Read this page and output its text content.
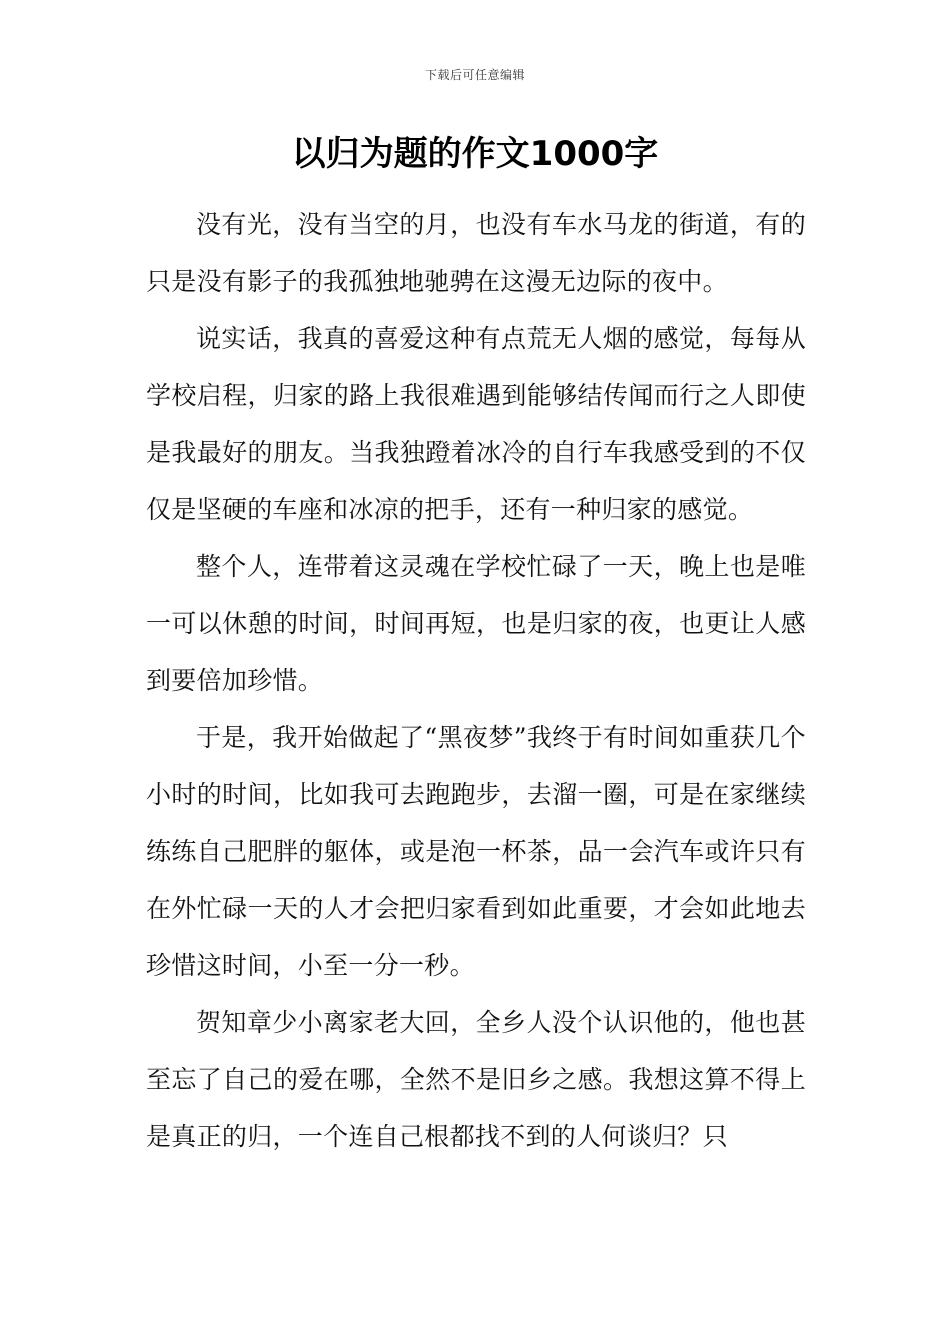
下载后可任意编辑
以归为题的作文1000字

没有光，没有当空的月，也没有车水马龙的街道，有的只是没有影子的我孤独地驰骋在这漫无边际的夜中。

说实话，我真的喜爱这种有点荒无人烟的感觉，每每从学校启程，归家的路上我很难遇到能够结传闻而行之人即使是我最好的朋友。当我独蹬着冰冷的自行车我感受到的不仅仅是坚硬的车座和冰凉的把手，还有一种归家的感觉。

整个人，连带着这灵魂在学校忙碌了一天，晚上也是唯一可以休憩的时间，时间再短，也是归家的夜，也更让人感到要倍加珍惜。

于是，我开始做起了“黑夜梦”我终于有时间如重获几个小时的时间，比如我可去跑跑步，去溜一圈，可是在家继续练练自己肥胖的躯体，或是泡一杯茶，品一会汽车或许只有在外忙碌一天的人才会把归家看到如此重要，才会如此地去珍惜这时间，小至一分一秒。

贺知章少小离家老大回，全乡人没个认识他的，他也甚至忘了自己的爱在哪，全然不是旧乡之感。我想这算不得上是真正的归，一个连自己根都找不到的人何谈归？只
